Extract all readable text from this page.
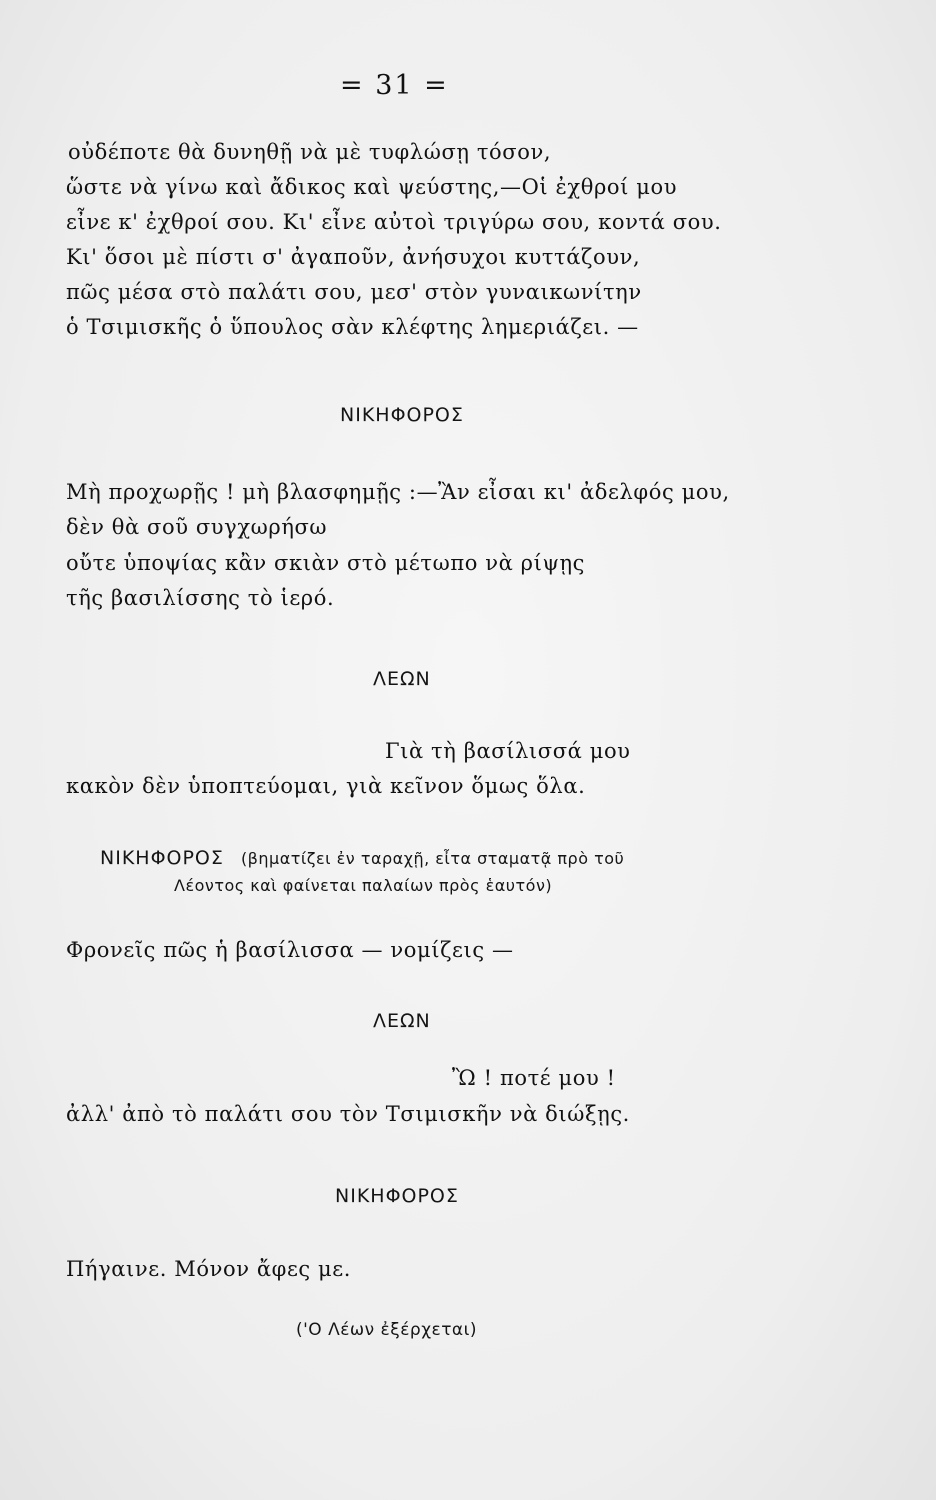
= 31 =
οὐδέποτε θὰ δυνηθῇ νὰ μὲ τυφλώσῃ τόσον,
ὥστε νὰ γίνω καὶ ἄδικος καὶ ψεύστης,—Οἱ ἐχθροί μου
εἶνε κ' ἐχθροί σου. Κι' εἶνε αὐτοὶ τριγύρω σου, κοντά σου.
Κι' ὅσοι μὲ πίστι σ' ἀγαποῦν, ἀνήσυχοι κυττάζουν,
πῶς μέσα στὸ παλάτι σου, μεσ' στὸν γυναικωνίτην
ὁ Τσιμισκῆς ὁ ὕπουλος σὰν κλέφτης λημεριάζει. —
ΝΙΚΗΦΟΡΟΣ
Μὴ προχωρῇς ! μὴ βλασφημῇς :—Ἂν εἶσαι κι' ἀδελφός μου,
δὲν θὰ σοῦ συγχωρήσω
οὔτε ὑποψίας κἂν σκιὰν στὸ μέτωπο νὰ ρίψῃς
τῆς βασιλίσσης τὸ ἱερό.
ΛΕΩΝ
Γιὰ τὴ βασίλισσά μου
κακὸν δὲν ὑποπτεύομαι, γιὰ κεῖνον ὅμως ὅλα.
ΝΙΚΗΦΟΡΟΣ (βηματίζει ἐν ταραχῇ, εἶτα σταματᾷ πρὸ τοῦ
Λέοντος καὶ φαίνεται παλαίων πρὸς ἑαυτόν)
Φρονεῖς πῶς ἡ βασίλισσα — νομίζεις —
ΛΕΩΝ
Ὢ ! ποτέ μου !
ἀλλ' ἀπὸ τὸ παλάτι σου τὸν Τσιμισκῆν νὰ διώξῃς.
ΝΙΚΗΦΟΡΟΣ
Πήγαινε. Μόνον ἄφες με.
('Ο Λέων ἐξέρχεται)
